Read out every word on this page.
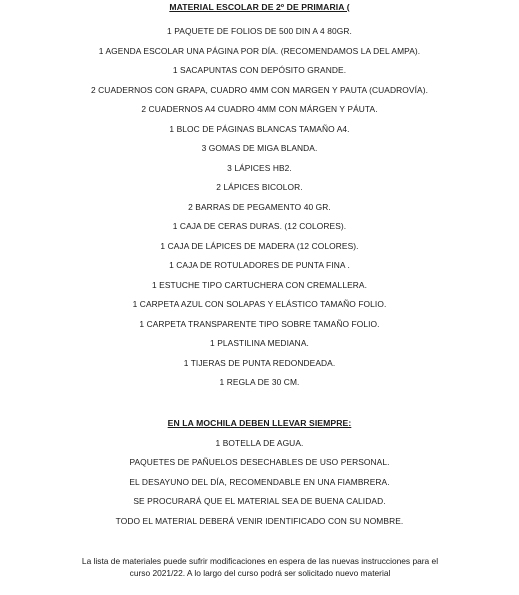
MATERIAL ESCOLAR DE 2º DE PRIMARIA (
1 PAQUETE DE FOLIOS DE 500 DIN A 4 80GR.
1 AGENDA ESCOLAR UNA PÁGINA POR DÍA. (RECOMENDAMOS LA DEL AMPA).
1 SACAPUNTAS CON DEPÓSITO GRANDE.
2 CUADERNOS CON GRAPA, CUADRO 4MM CON MARGEN Y PAUTA (CUADROVÍA).
2 CUADERNOS A4 CUADRO 4MM CON MÁRGEN Y PÁUTA.
1 BLOC DE PÁGINAS BLANCAS TAMAÑO A4.
3 GOMAS DE MIGA BLANDA.
3 LÁPICES HB2.
2 LÁPICES BICOLOR.
2 BARRAS DE PEGAMENTO 40 GR.
1 CAJA DE CERAS DURAS. (12 COLORES).
1 CAJA DE LÁPICES DE MADERA (12 COLORES).
1 CAJA DE ROTULADORES DE PUNTA FINA .
1 ESTUCHE TIPO CARTUCHERA CON CREMALLERA.
1 CARPETA AZUL CON SOLAPAS Y ELÁSTICO TAMAÑO FOLIO.
1 CARPETA TRANSPARENTE TIPO SOBRE TAMAÑO FOLIO.
1 PLASTILINA MEDIANA.
1 TIJERAS DE PUNTA REDONDEADA.
1 REGLA DE 30 CM.
EN LA MOCHILA DEBEN LLEVAR SIEMPRE:
1 BOTELLA DE AGUA.
PAQUETES DE PAÑUELOS DESECHABLES DE USO PERSONAL.
EL DESAYUNO DEL DÍA, RECOMENDABLE EN UNA FIAMBRERA.
SE PROCURARÁ QUE EL MATERIAL SEA DE BUENA CALIDAD.
TODO EL MATERIAL DEBERÁ VENIR IDENTIFICADO CON SU NOMBRE.
La lista de materiales puede sufrir modificaciones en espera de las nuevas instrucciones para el
curso 2021/22. A lo largo del curso podrá ser solicitado nuevo material
